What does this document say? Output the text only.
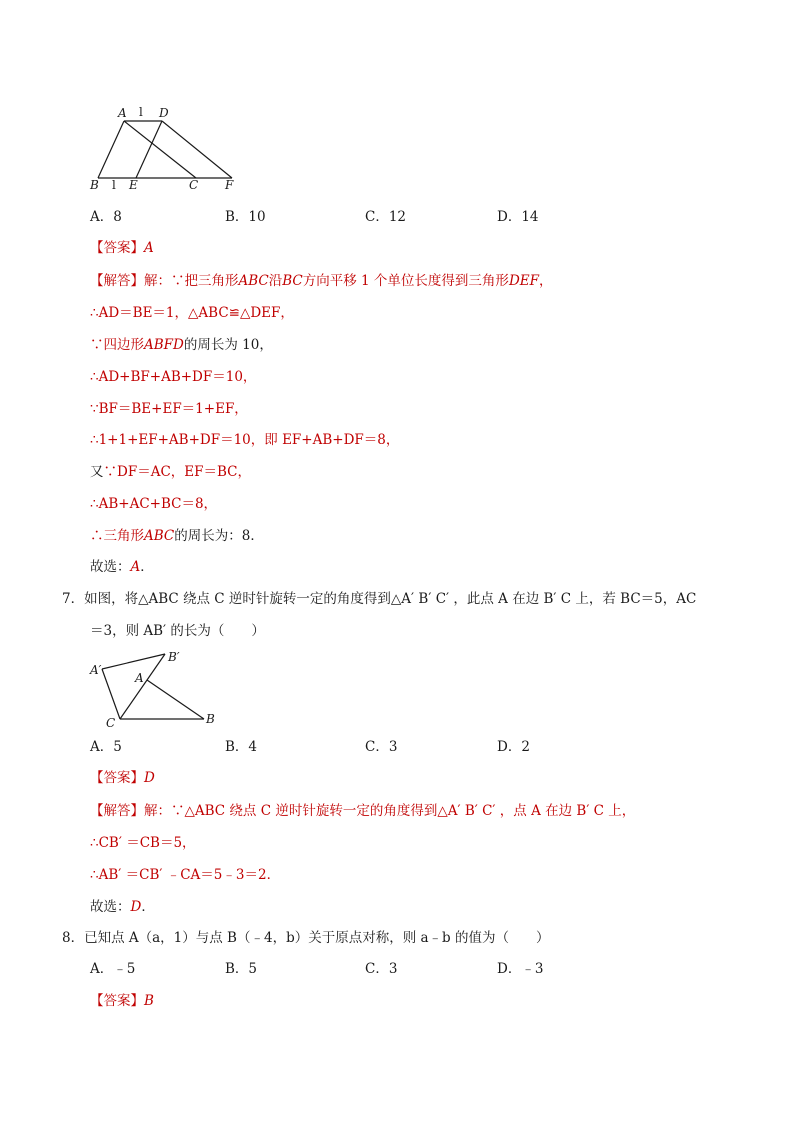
A l D
B l E	C F
A．8	B．10	C．12	D．14
【答案】A
【解答】解：∵把三角形ABC沿BC方向平移 1 个单位长度得到三角形DEF，
∴AD＝BE＝1，△ABC≌△DEF，
∵四边形ABFD的周长为 10，
∴AD+BF+AB+DF＝10，
∵BF＝BE+EF＝1+EF，
∴1+1+EF+AB+DF＝10，即 EF+AB+DF＝8，
又∵DF＝AC，EF＝BC，
∴AB+AC+BC＝8，
∴三角形ABC的周长为：8．
故选：A．
7．如图，将△ABC 绕点 C 逆时针旋转一定的角度得到△A′ B′ C′ ，此点 A 在边 B′ C 上，若 BC＝5，AC
＝3，则 AB′ 的长为（　　）
A′
B′
A
C	B
A．5	B．4	C．3	D．2
【答案】D
【解答】解：∵△ABC 绕点 C 逆时针旋转一定的角度得到△A′ B′ C′ ，点 A 在边 B′ C 上，
∴CB′ ＝CB＝5，
∴AB′ ＝CB′ ﹣CA＝5﹣3＝2．
故选：D．
8．已知点 A（a，1）与点 B（﹣4，b）关于原点对称，则 a﹣b 的值为（　　）
A．﹣5	B．5	C．3	D．﹣3
【答案】B
